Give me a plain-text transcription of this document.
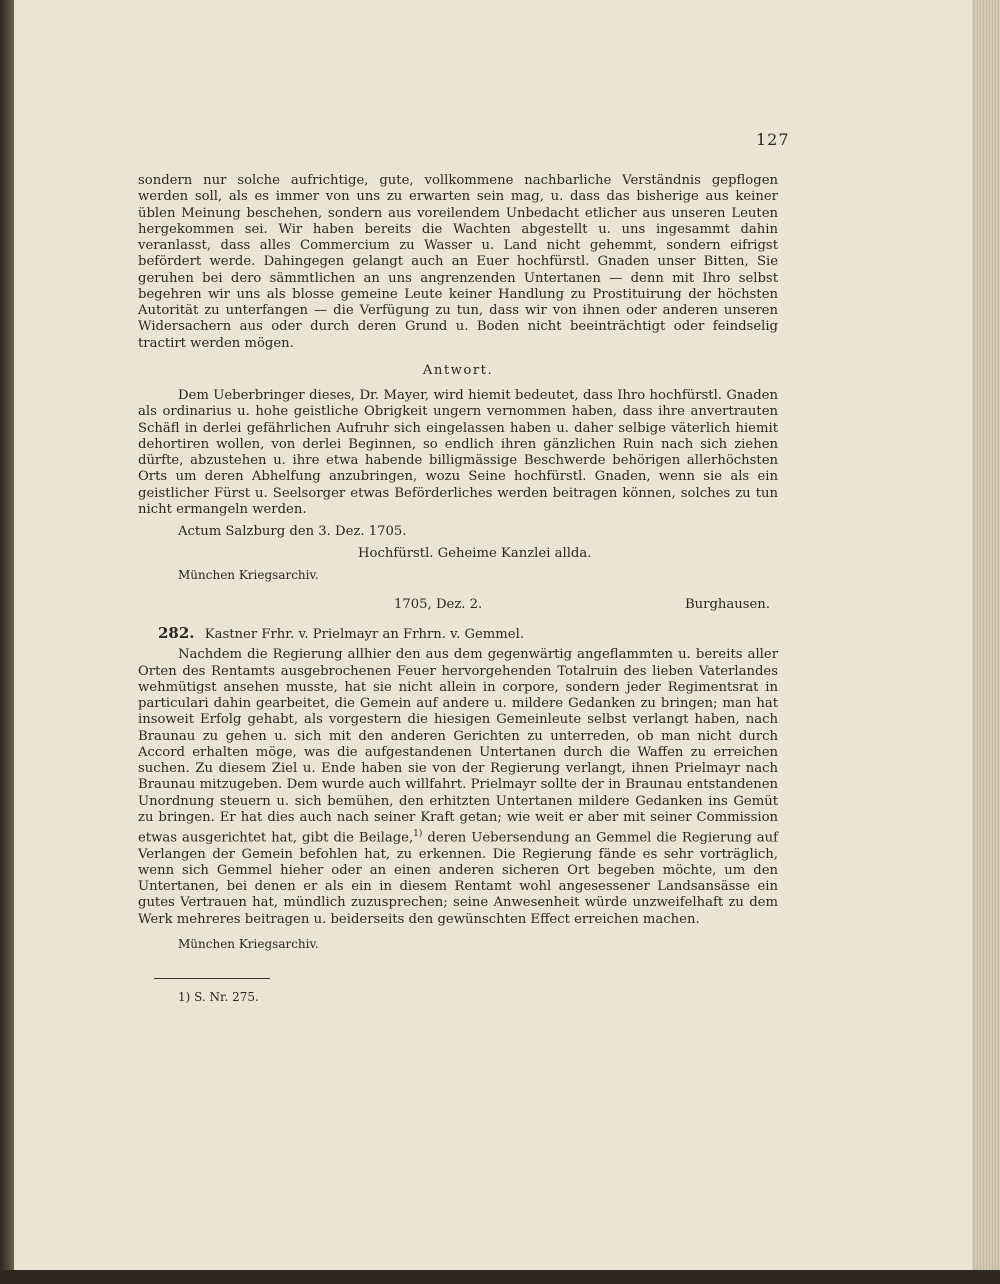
127

sondern nur solche aufrichtige, gute, vollkommene nachbarliche Verständnis gepflogen werden soll, als es immer von uns zu erwarten sein mag, u. dass das bisherige aus keiner üblen Meinung beschehen, sondern aus voreilendem Unbedacht etlicher aus unseren Leuten hergekommen sei. Wir haben bereits die Wachten abgestellt u. uns ingesammt dahin veranlasst, dass alles Commercium zu Wasser u. Land nicht gehemmt, sondern eifrigst befördert werde. Dahingegen gelangt auch an Euer hochfürstl. Gnaden unser Bitten, Sie geruhen bei dero sämmtlichen an uns angrenzenden Untertanen — denn mit Ihro selbst begehren wir uns als blosse gemeine Leute keiner Handlung zu Prostituirung der höchsten Autorität zu unterfangen — die Verfügung zu tun, dass wir von ihnen oder anderen unseren Widersachern aus oder durch deren Grund u. Boden nicht beeinträchtigt oder feindselig tractirt werden mögen.

Antwort.

Dem Ueberbringer dieses, Dr. Mayer, wird hiemit bedeutet, dass Ihro hochfürstl. Gnaden als ordinarius u. hohe geistliche Obrigkeit ungern vernommen haben, dass ihre anvertrauten Schäfl in derlei gefährlichen Aufruhr sich eingelassen haben u. daher selbige väterlich hiemit dehortiren wollen, von derlei Beginnen, so endlich ihren gänzlichen Ruin nach sich ziehen dürfte, abzustehen u. ihre etwa habende billigmässige Beschwerde behörigen allerhöchsten Orts um deren Abhelfung anzubringen, wozu Seine hochfürstl. Gnaden, wenn sie als ein geistlicher Fürst u. Seelsorger etwas Beförderliches werden beitragen können, solches zu tun nicht ermangeln werden.

Actum Salzburg den 3. Dez. 1705.

Hochfürstl. Geheime Kanzlei allda.

München Kriegsarchiv.

1705, Dez. 2.	Burghausen.
282. Kastner Frhr. v. Prielmayr an Frhrn. v. Gemmel.

Nachdem die Regierung allhier den aus dem gegenwärtig angeflammten u. bereits aller Orten des Rentamts ausgebrochenen Feuer hervorgehenden Totalruin des lieben Vaterlandes wehmütigst ansehen musste, hat sie nicht allein in corpore, sondern jeder Regimentsrat in particulari dahin gearbeitet, die Gemein auf andere u. mildere Gedanken zu bringen; man hat insoweit Erfolg gehabt, als vorgestern die hiesigen Gemeinleute selbst verlangt haben, nach Braunau zu gehen u. sich mit den anderen Gerichten zu unterreden, ob man nicht durch Accord erhalten möge, was die aufgestandenen Untertanen durch die Waffen zu erreichen suchen. Zu diesem Ziel u. Ende haben sie von der Regierung verlangt, ihnen Prielmayr nach Braunau mitzugeben. Dem wurde auch willfahrt. Prielmayr sollte der in Braunau entstandenen Unordnung steuern u. sich bemühen, den erhitzten Untertanen mildere Gedanken ins Gemüt zu bringen. Er hat dies auch nach seiner Kraft getan; wie weit er aber mit seiner Commission etwas ausgerichtet hat, gibt die Beilage,$^{1)}$ deren Uebersendung an Gemmel die Regierung auf Verlangen der Gemein befohlen hat, zu erkennen. Die Regierung fände es sehr vorträglich, wenn sich Gemmel hieher oder an einen anderen sicheren Ort begeben möchte, um den Untertanen, bei denen er als ein in diesem Rentamt wohl angesessener Landsansässe ein gutes Vertrauen hat, mündlich zuzusprechen; seine Anwesenheit würde unzweifelhaft zu dem Werk mehreres beitragen u. beiderseits den gewünschten Effect erreichen machen.

München Kriegsarchiv.

1) S. Nr. 275.
